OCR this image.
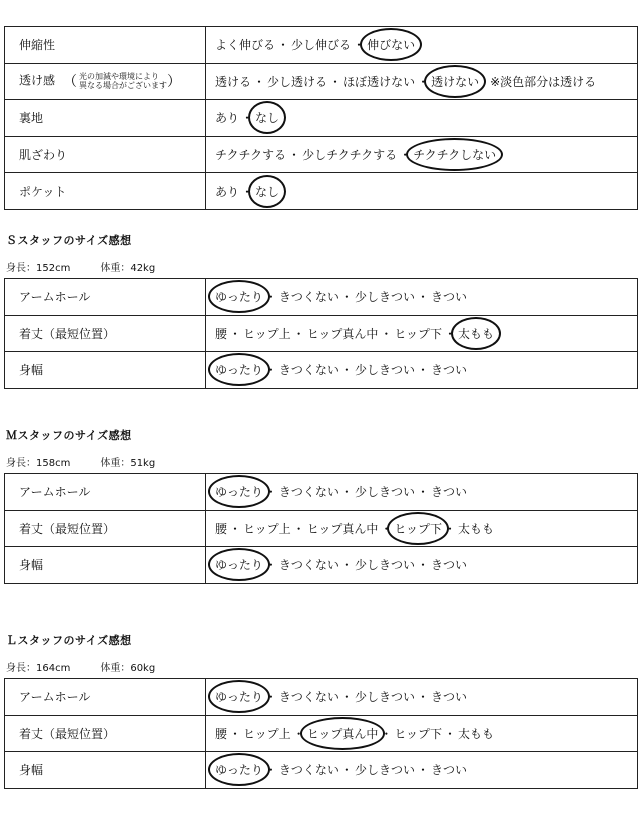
伸縮性	よく伸びる ・ 少し伸びる ・ 伸びない
透け感 （ 光の加減や環境により
異なる場合がございます ）	透ける ・ 少し透ける ・ ほぼ透けない ・ 透けない ※淡色部分は透ける
裏地	あり ・ なし
肌ざわり	チクチクする ・ 少しチクチクする ・ チクチクしない
ポケット	あり ・ なし
Ｓスタッフのサイズ感想
身長：152cm	体重：42kg
アームホール	ゆったり ・ きつくない ・ 少しきつい ・ きつい
着丈（最短位置）	腰 ・ ヒップ上 ・ ヒップ真ん中 ・ ヒップ下 ・ 太もも
身幅	ゆったり ・ きつくない ・ 少しきつい ・ きつい
Ｍスタッフのサイズ感想
身長：158cm	体重：51kg
アームホール	ゆったり ・ きつくない ・ 少しきつい ・ きつい
着丈（最短位置）	腰 ・ ヒップ上 ・ ヒップ真ん中 ・ ヒップ下 ・ 太もも
身幅	ゆったり ・ きつくない ・ 少しきつい ・ きつい
Ｌスタッフのサイズ感想
身長：164cm	体重：60kg
アームホール	ゆったり ・ きつくない ・ 少しきつい ・ きつい
着丈（最短位置）	腰 ・ ヒップ上 ・ ヒップ真ん中 ・ ヒップ下 ・ 太もも
身幅	ゆったり ・ きつくない ・ 少しきつい ・ きつい
